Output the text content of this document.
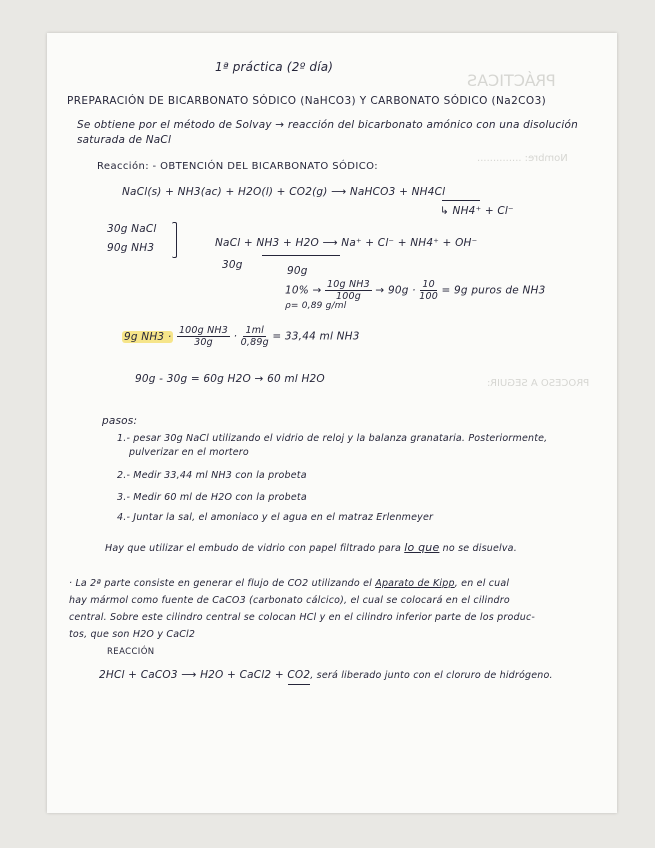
PRÁCTICAS
Nombre: ..............
PROCESO A SEGUIR:
1ª práctica (2º día)
PREPARACIÓN DE BICARBONATO SÓDICO (NaHCO3) Y CARBONATO SÓDICO (Na2CO3)
Se obtiene por el método de Solvay → reacción del bicarbonato amónico con una disolución
saturada de NaCl
Reacción: - OBTENCIÓN DEL BICARBONATO SÓDICO:
NaCl(s) + NH3(ac) + H2O(l) + CO2(g) ⟶ NaHCO3 + NH4Cl
↳ NH4⁺ + Cl⁻
30g NaCl
90g NH3	NaCl + NH3 + H2O ⟶ Na⁺ + Cl⁻ + NH4⁺ + OH⁻
30g	90g
$10\% \to \frac{\text{10g NH3}}{100g} \to 90g \cdot \frac{10}{100} = 9g$ puros de NH3
ρ= 0,89 g/ml
9g $NH3 \cdot \frac{\text{100g NH3}}{30g} \cdot \frac{1ml}{0,89g} = 33,44$ ml NH3
90g - 30g = 60g H2O → 60 ml H2O
pasos:
1.- pesar 30g NaCl utilizando el vidrio de reloj y la balanza granataria. Posteriormente,
pulverizar en el mortero
2.- Medir 33,44 ml NH3 con la probeta
3.- Medir 60 ml de H2O con la probeta
4.- Juntar la sal, el amoniaco y el agua en el matraz Erlenmeyer
Hay que utilizar el embudo de vidrio con papel filtrado para lo que no se disuelva.
· La 2ª parte consiste en generar el flujo de CO2 utilizando el Aparato de Kipp, en el cual
hay mármol como fuente de CaCO3 (carbonato cálcico), el cual se colocará en el cilindro
central. Sobre este cilindro central se colocan HCl y en el cilindro inferior parte de los produc-
tos, que son H2O y CaCl2
REACCIÓN
2HCl + CaCO3 ⟶ H2O + CaCl2 + CO2, será liberado junto con el cloruro de hidrógeno.
